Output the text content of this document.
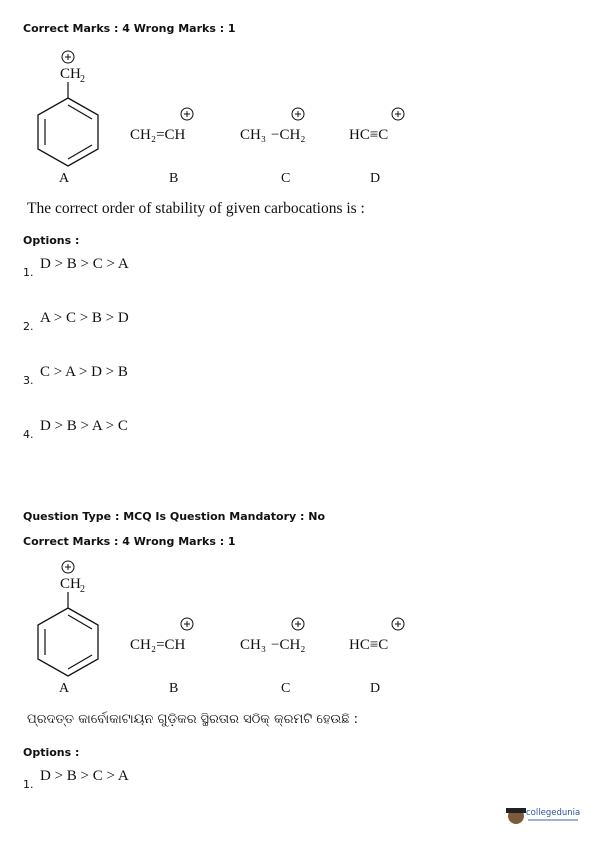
Correct Marks : 4 Wrong Marks : 1
CH 2
A
CH₂=CH
B
CH₃ −CH₂
C
HC≡C
D
The correct order of stability of given carbocations is :
Options :
1.
D > B > C > A
2.
A > C > B > D
3.
C > A > D > B
4.
D > B > A > C
Question Type : MCQ Is Question Mandatory : No
Correct Marks : 4 Wrong Marks : 1
CH 2
A
CH₂=CH
B
CH₃ −CH₂
C
HC≡C
D
ପ୍ରଦତ୍ତ କାର୍ବୋକାଟାୟନ ଗୁଡ଼ିକର ସ୍ଥିରତାର ସଠିକ୍ କ୍ରମଟି ହେଉଛି :
Options :
1.
D > B > C > A
collegedunia
